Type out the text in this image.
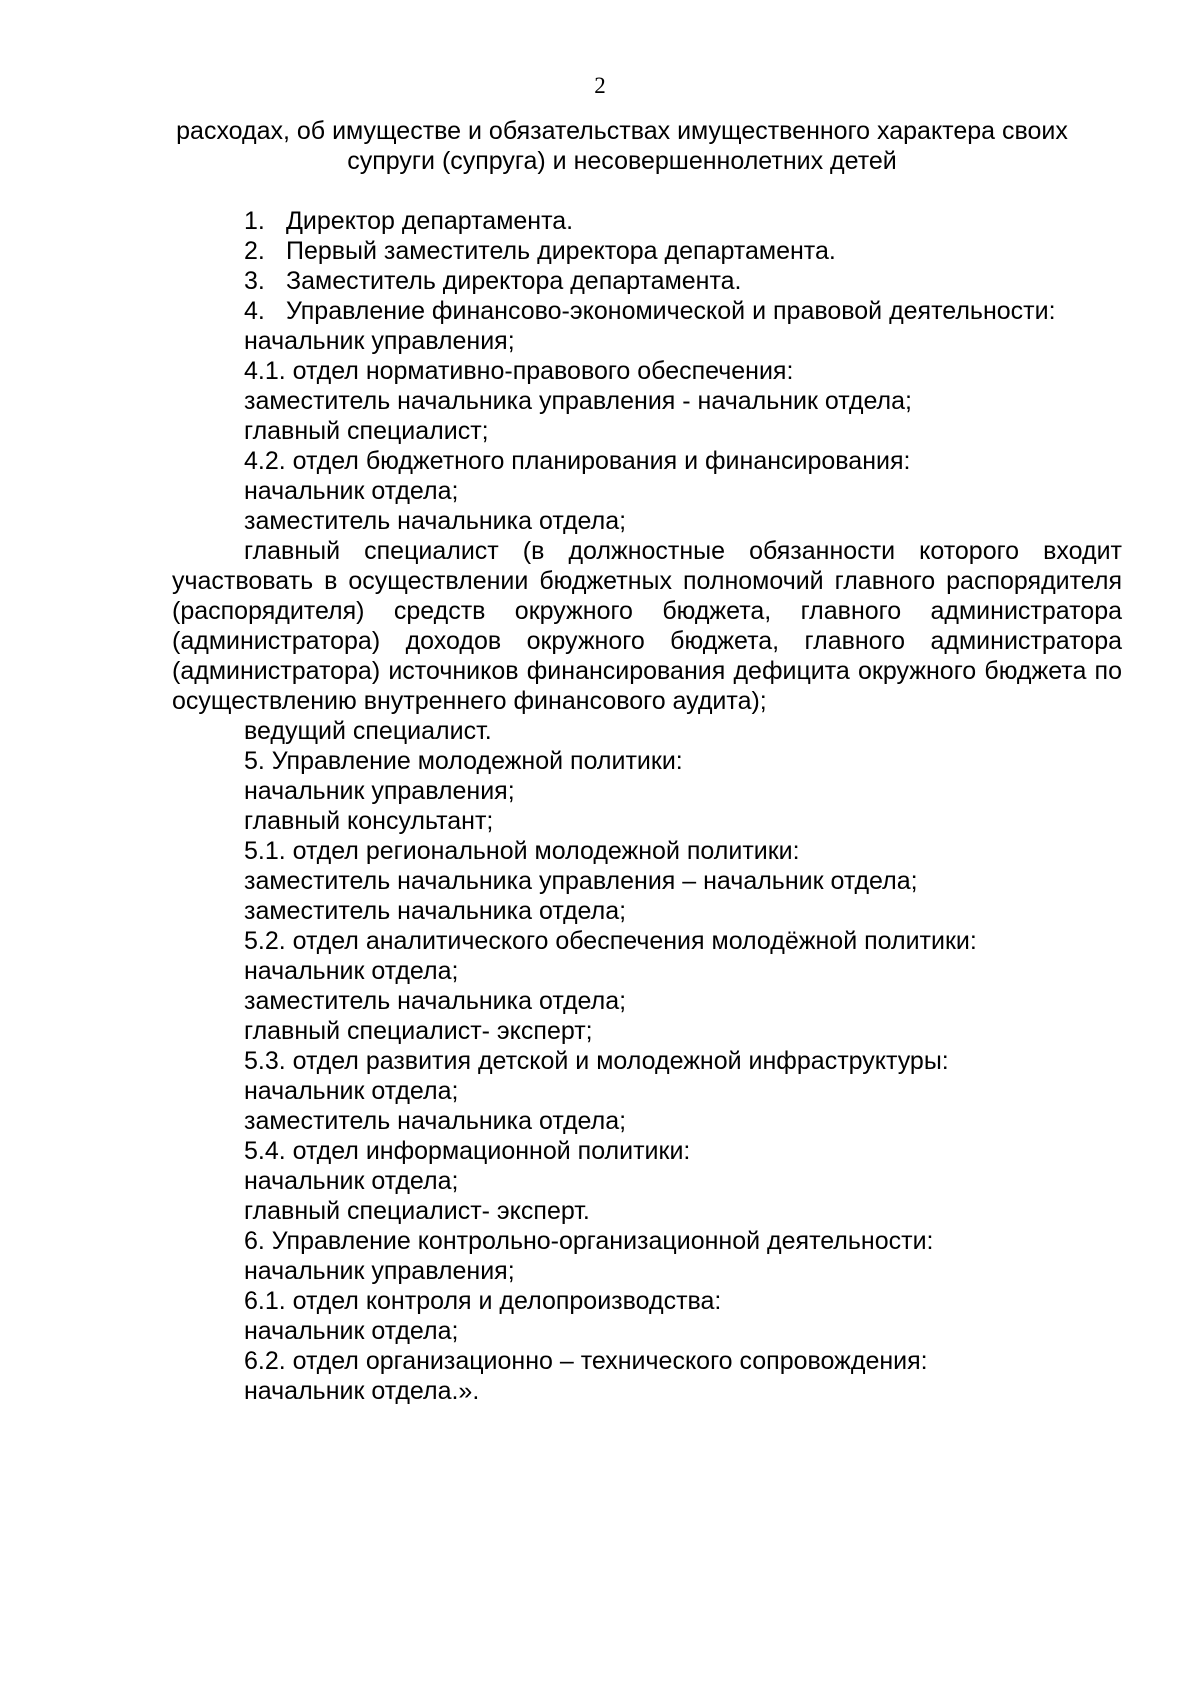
2
расходах, об имуществе и обязательствах имущественного характера своих
супруги (супруга) и несовершеннолетних детей
1. Директор департамента.
2. Первый заместитель директора департамента.
3. Заместитель директора департамента.
4. Управление финансово-экономической и правовой деятельности:
начальник управления;
4.1. отдел нормативно-правового обеспечения:
заместитель начальника управления - начальник отдела;
главный специалист;
4.2. отдел бюджетного планирования и финансирования:
начальник отдела;
заместитель начальника отдела;
главный специалист (в должностные обязанности которого входит участвовать в осуществлении бюджетных полномочий главного распорядителя (распорядителя) средств окружного бюджета, главного администратора (администратора) доходов окружного бюджета, главного администратора (администратора) источников финансирования дефицита окружного бюджета по осуществлению внутреннего финансового аудита);
ведущий специалист.
5. Управление молодежной политики:
начальник управления;
главный консультант;
5.1. отдел региональной молодежной политики:
заместитель начальника управления – начальник отдела;
заместитель начальника отдела;
5.2. отдел аналитического обеспечения молодёжной политики:
начальник отдела;
заместитель начальника отдела;
главный специалист- эксперт;
5.3. отдел развития детской и молодежной инфраструктуры:
начальник отдела;
заместитель начальника отдела;
5.4. отдел информационной политики:
начальник отдела;
главный специалист- эксперт.
6. Управление контрольно-организационной деятельности:
начальник управления;
6.1. отдел контроля и делопроизводства:
начальник отдела;
6.2. отдел организационно – технического сопровождения:
начальник отдела.».
